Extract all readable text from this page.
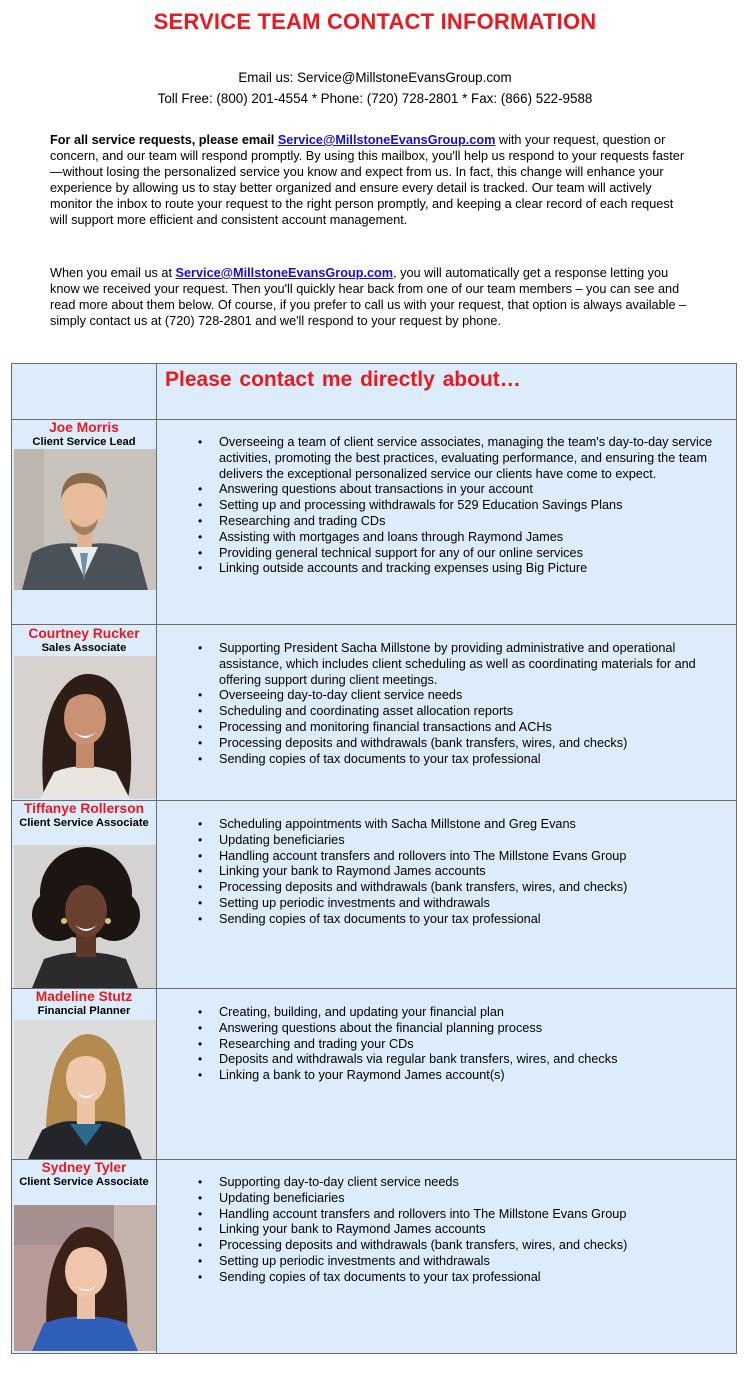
SERVICE TEAM CONTACT INFORMATION
Email us: Service@MillstoneEvansGroup.com
Toll Free: (800) 201-4554 * Phone: (720) 728-2801 * Fax: (866) 522-9588

For all service requests, please email Service@MillstoneEvansGroup.com with your request, question or concern, and our team will respond promptly. By using this mailbox, you'll help us respond to your requests faster—without losing the personalized service you know and expect from us. In fact, this change will enhance your experience by allowing us to stay better organized and ensure every detail is tracked. Our team will actively monitor the inbox to route your request to the right person promptly, and keeping a clear record of each request will support more efficient and consistent account management.

When you email us at Service@MillstoneEvansGroup.com, you will automatically get a response letting you know we received your request. Then you'll quickly hear back from one of our team members – you can see and read more about them below. Of course, if you prefer to call us with your request, that option is always available – simply contact us at (720) 728-2801 and we'll respond to your request by phone.

Please contact me directly about…
Joe Morris
Client Service Lead	• Overseeing a team of client service associates, managing the team's day-to-day service activities, promoting the best practices, evaluating performance, and ensuring the team delivers the exceptional personalized service our clients have come to expect.
• Answering questions about transactions in your account
• Setting up and processing withdrawals for 529 Education Savings Plans
• Researching and trading CDs
• Assisting with mortgages and loans through Raymond James
• Providing general technical support for any of our online services
• Linking outside accounts and tracking expenses using Big Picture
Courtney Rucker
Sales Associate	• Supporting President Sacha Millstone by providing administrative and operational assistance, which includes client scheduling as well as coordinating materials for and offering support during client meetings.
• Overseeing day-to-day client service needs
• Scheduling and coordinating asset allocation reports
• Processing and monitoring financial transactions and ACHs
• Processing deposits and withdrawals (bank transfers, wires, and checks)
• Sending copies of tax documents to your tax professional
Tiffanye Rollerson
Client Service Associate	• Scheduling appointments with Sacha Millstone and Greg Evans
• Updating beneficiaries
• Handling account transfers and rollovers into The Millstone Evans Group
• Linking your bank to Raymond James accounts
• Processing deposits and withdrawals (bank transfers, wires, and checks)
• Setting up periodic investments and withdrawals
• Sending copies of tax documents to your tax professional
Madeline Stutz
Financial Planner	• Creating, building, and updating your financial plan
• Answering questions about the financial planning process
• Researching and trading your CDs
• Deposits and withdrawals via regular bank transfers, wires, and checks
• Linking a bank to your Raymond James account(s)
Sydney Tyler
Client Service Associate	• Supporting day-to-day client service needs
• Updating beneficiaries
• Handling account transfers and rollovers into The Millstone Evans Group
• Linking your bank to Raymond James accounts
• Processing deposits and withdrawals (bank transfers, wires, and checks)
• Setting up periodic investments and withdrawals
• Sending copies of tax documents to your tax professional
